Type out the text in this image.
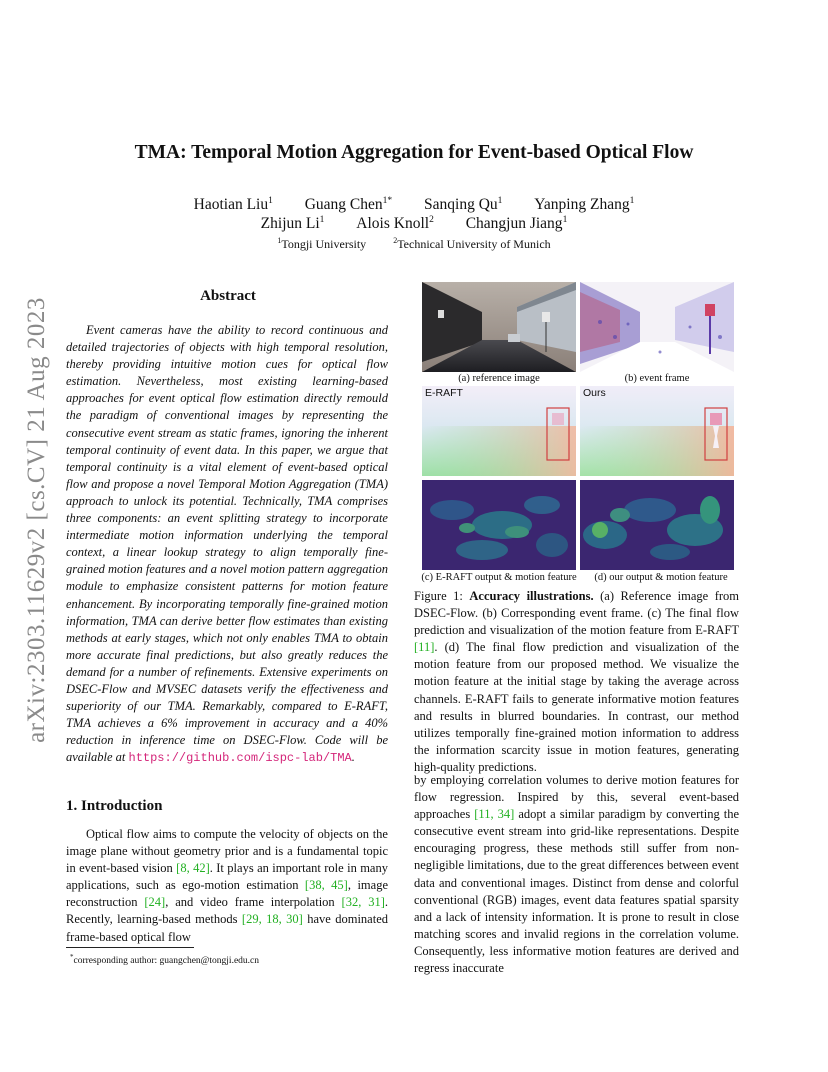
arXiv:2303.11629v2 [cs.CV] 21 Aug 2023
TMA: Temporal Motion Aggregation for Event-based Optical Flow
Haotian Liu$^1$ Guang Chen$^{1*}$ Sanqing Qu$^1$ Yanping Zhang$^1$
Zhijun Li$^1$ Alois Knoll$^2$ Changjun Jiang$^1$
$^1$Tongji University	$^2$Technical University of Munich
Abstract

Event cameras have the ability to record continuous and detailed trajectories of objects with high temporal resolution, thereby providing intuitive motion cues for optical flow estimation. Nevertheless, most existing learning-based approaches for event optical flow estimation directly remould the paradigm of conventional images by representing the consecutive event stream as static frames, ignoring the inherent temporal continuity of event data. In this paper, we argue that temporal continuity is a vital element of event-based optical flow and propose a novel Temporal Motion Aggregation (TMA) approach to unlock its potential. Technically, TMA comprises three components: an event splitting strategy to incorporate intermediate motion information underlying the temporal context, a linear lookup strategy to align temporally fine-grained motion features and a novel motion pattern aggregation module to emphasize consistent patterns for motion feature enhancement. By incorporating temporally fine-grained motion information, TMA can derive better flow estimates than existing methods at early stages, which not only enables TMA to obtain more accurate final predictions, but also greatly reduces the demand for a number of refinements. Extensive experiments on DSEC-Flow and MVSEC datasets verify the effectiveness and superiority of our TMA. Remarkably, compared to E-RAFT, TMA achieves a 6% improvement in accuracy and a 40% reduction in inference time on DSEC-Flow. Code will be available at https://github.com/ispc-lab/TMA.

1. Introduction

Optical flow aims to compute the velocity of objects on the image plane without geometry prior and is a fundamental topic in event-based vision [8, 42]. It plays an important role in many applications, such as ego-motion estimation [38, 45], image reconstruction [24], and video frame interpolation [32, 31]. Recently, learning-based methods [29, 18, 30] have dominated frame-based optical flow

*corresponding author: guangchen@tongji.edu.cn
(a) reference image	(b) event frame
E-RAFT	Ours
(c) E-RAFT output & motion feature	(d) our output & motion feature
Figure 1: Accuracy illustrations. (a) Reference image from DSEC-Flow. (b) Corresponding event frame. (c) The final flow prediction and visualization of the motion feature from E-RAFT [11]. (d) The final flow prediction and visualization of the motion feature from our proposed method. We visualize the motion feature at the initial stage by taking the average across channels. E-RAFT fails to generate informative motion features and results in blurred boundaries. In contrast, our method utilizes temporally fine-grained motion information to address the information scarcity issue in motion features, generating high-quality predictions.
by employing correlation volumes to derive motion features for flow regression. Inspired by this, several event-based approaches [11, 34] adopt a similar paradigm by converting the consecutive event stream into grid-like representations. Despite encouraging progress, these methods still suffer from non-negligible limitations, due to the great differences between event data and conventional images. Distinct from dense and colorful conventional (RGB) images, event data features spatial sparsity and a lack of intensity information. It is prone to result in close matching scores and invalid regions in the correlation volume. Consequently, less informative motion features are derived and regress inaccurate
